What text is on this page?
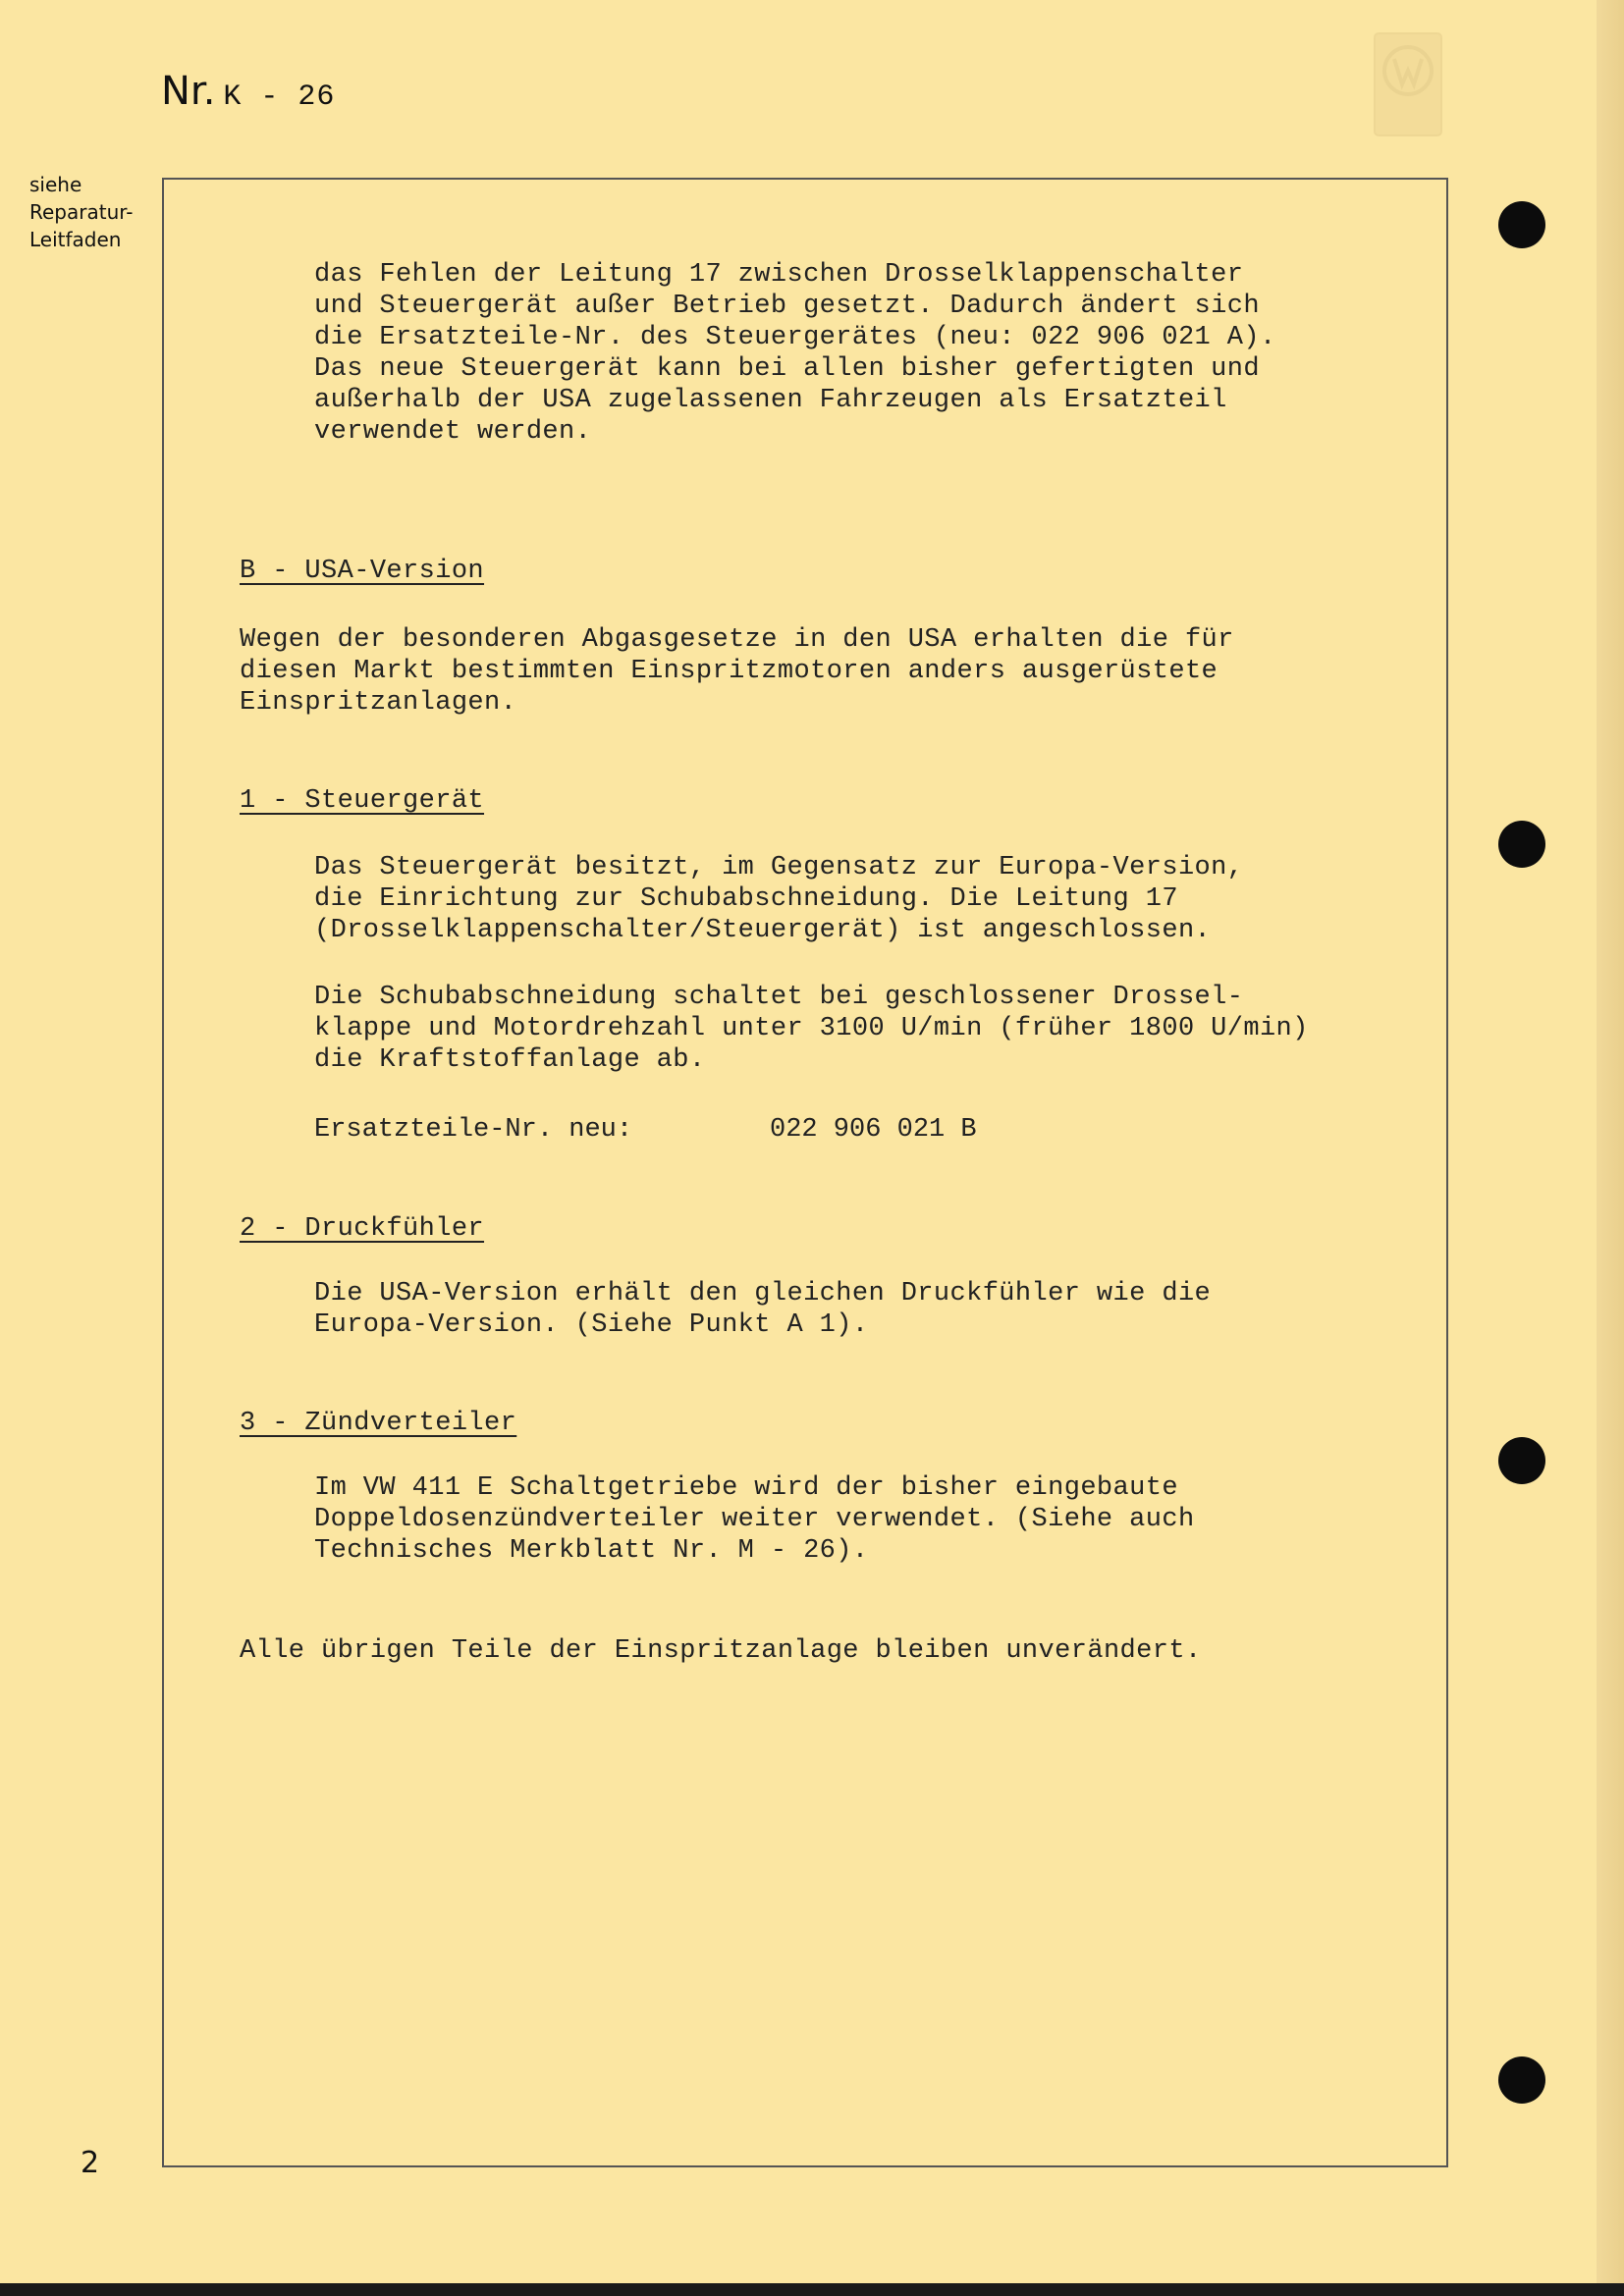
Nr. K - 26
siehe
Reparatur-
Leitfaden

das Fehlen der Leitung 17 zwischen Drosselklappenschalter
und Steuergerät außer Betrieb gesetzt. Dadurch ändert sich
die Ersatzteile-Nr. des Steuergerätes (neu: 022 906 021 A).
Das neue Steuergerät kann bei allen bisher gefertigten und
außerhalb der USA zugelassenen Fahrzeugen als Ersatzteil
verwendet werden.

B - USA-Version

Wegen der besonderen Abgasgesetze in den USA erhalten die für
diesen Markt bestimmten Einspritzmotoren anders ausgerüstete
Einspritzanlagen.

1 - Steuergerät

Das Steuergerät besitzt, im Gegensatz zur Europa-Version,
die Einrichtung zur Schubabschneidung. Die Leitung 17
(Drosselklappenschalter/Steuergerät) ist angeschlossen.

Die Schubabschneidung schaltet bei geschlossener Drossel-
klappe und Motordrehzahl unter 3100 U/min (früher 1800 U/min)
die Kraftstoffanlage ab.

Ersatzteile-Nr. neu:	022 906 021 B

2 - Druckfühler

Die USA-Version erhält den gleichen Druckfühler wie die
Europa-Version. (Siehe Punkt A 1).

3 - Zündverteiler

Im VW 411 E Schaltgetriebe wird der bisher eingebaute
Doppeldosenzündverteiler weiter verwendet. (Siehe auch
Technisches Merkblatt Nr. M - 26).

Alle übrigen Teile der Einspritzanlage bleiben unverändert.

2
